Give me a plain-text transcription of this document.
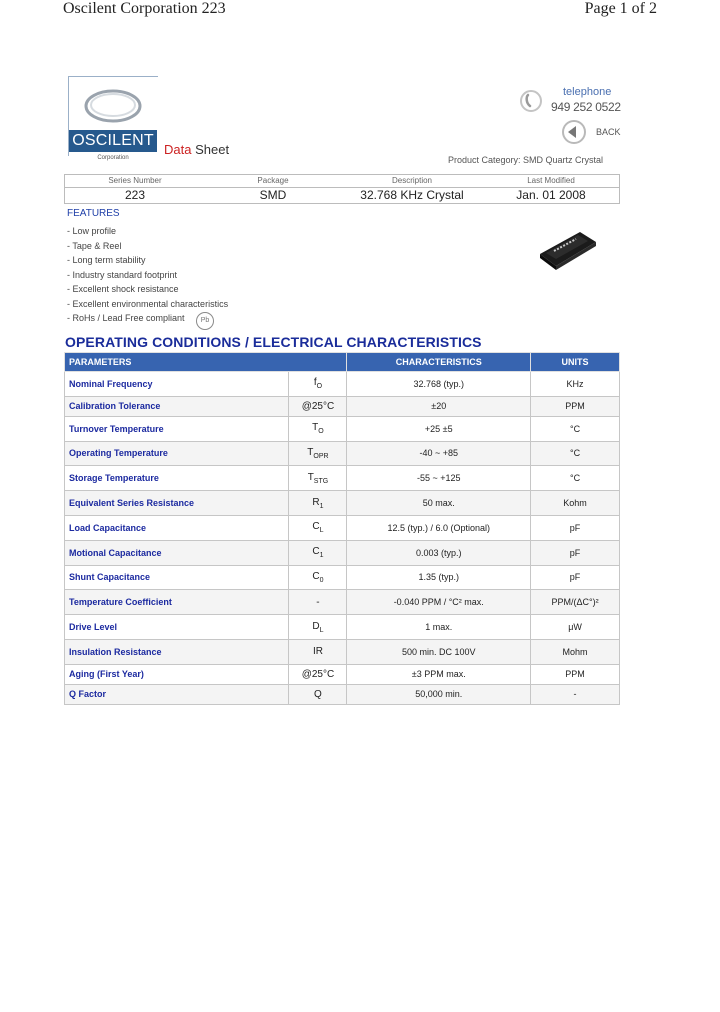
Oscilent Corporation 223	Page 1 of 2
OSCILENT
Corporation
Data Sheet
telephone
949 252 0522
BACK
Product Category: SMD Quartz Crystal
Series Number
223
Package
SMD
Description
32.768 KHz Crystal
Last Modified
Jan. 01 2008
FEATURES
- Low profile
- Tape & Reel
- Long term stability
- Industry standard footprint
- Excellent shock resistance
- Excellent environmental characteristics
- RoHs / Lead Free compliant	Pb
OPERATING CONDITIONS / ELECTRICAL CHARACTERISTICS
PARAMETERS		CHARACTERISTICS	UNITS
Nominal Frequency	$f_O$	32.768 (typ.)	KHz
Calibration Tolerance	@25°C	±20	PPM
Turnover Temperature	$T_O$	+25 ±5	°C
Operating Temperature	$T_{OPR}$	-40 ~ +85	°C
Storage Temperature	$T_{STG}$	-55 ~ +125	°C
Equivalent Series Resistance	$R_1$	50 max.	Kohm
Load Capacitance	$C_L$	12.5 (typ.) / 6.0 (Optional)	pF
Motional Capacitance	$C_1$	0.003 (typ.)	pF
Shunt Capacitance	$C_0$	1.35 (typ.)	pF
Temperature Coefficient	-	-0.040 PPM / °C² max.	PPM/(ΔC°)²
Drive Level	$D_L$	1 max.	μW
Insulation Resistance	IR	500 min. DC 100V	Mohm
Aging (First Year)	@25°C	±3 PPM max.	PPM
Q Factor	Q	50,000 min.	-
